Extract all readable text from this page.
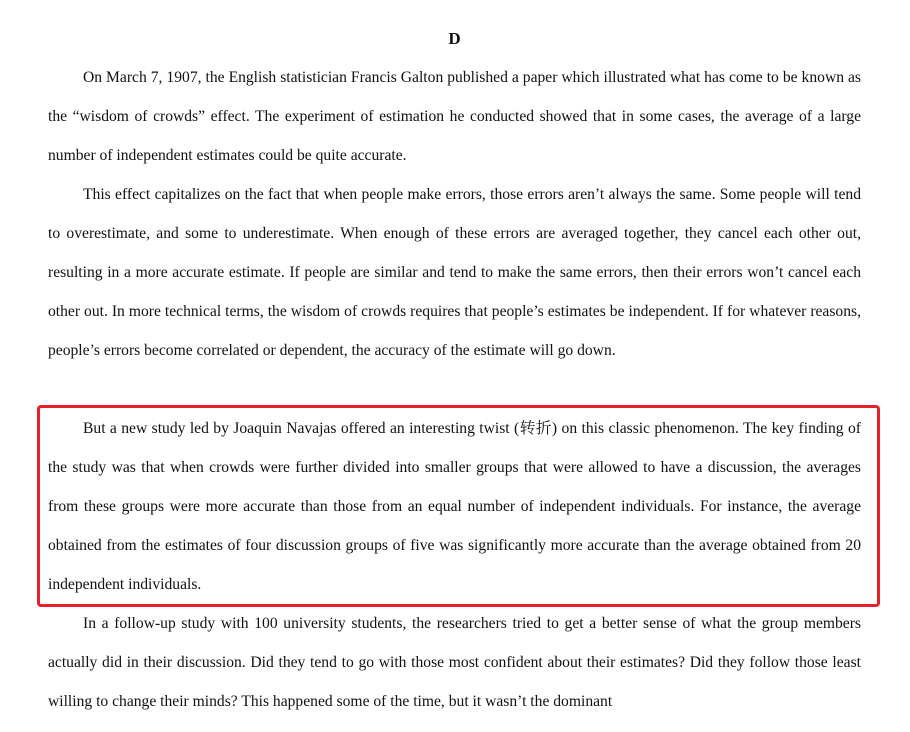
D

On March 7, 1907, the English statistician Francis Galton published a paper which illustrated what has come to be known as the “wisdom of crowds” effect. The experiment of estimation he conducted showed that in some cases, the average of a large number of independent estimates could be quite accurate.

This effect capitalizes on the fact that when people make errors, those errors aren’t always the same. Some people will tend to overestimate, and some to underestimate. When enough of these errors are averaged together, they cancel each other out, resulting in a more accurate estimate. If people are similar and tend to make the same errors, then their errors won’t cancel each other out. In more technical terms, the wisdom of crowds requires that people’s estimates be independent. If for whatever reasons, people’s errors become correlated or dependent, the accuracy of the estimate will go down.

But a new study led by Joaquin Navajas offered an interesting twist (转折) on this classic phenomenon. The key finding of the study was that when crowds were further divided into smaller groups that were allowed to have a discussion, the averages from these groups were more accurate than those from an equal number of independent individuals. For instance, the average obtained from the estimates of four discussion groups of five was significantly more accurate than the average obtained from 20 independent individuals.

In a follow-up study with 100 university students, the researchers tried to get a better sense of what the group members actually did in their discussion. Did they tend to go with those most confident about their estimates? Did they follow those least willing to change their minds? This happened some of the time, but it wasn’t the dominant
